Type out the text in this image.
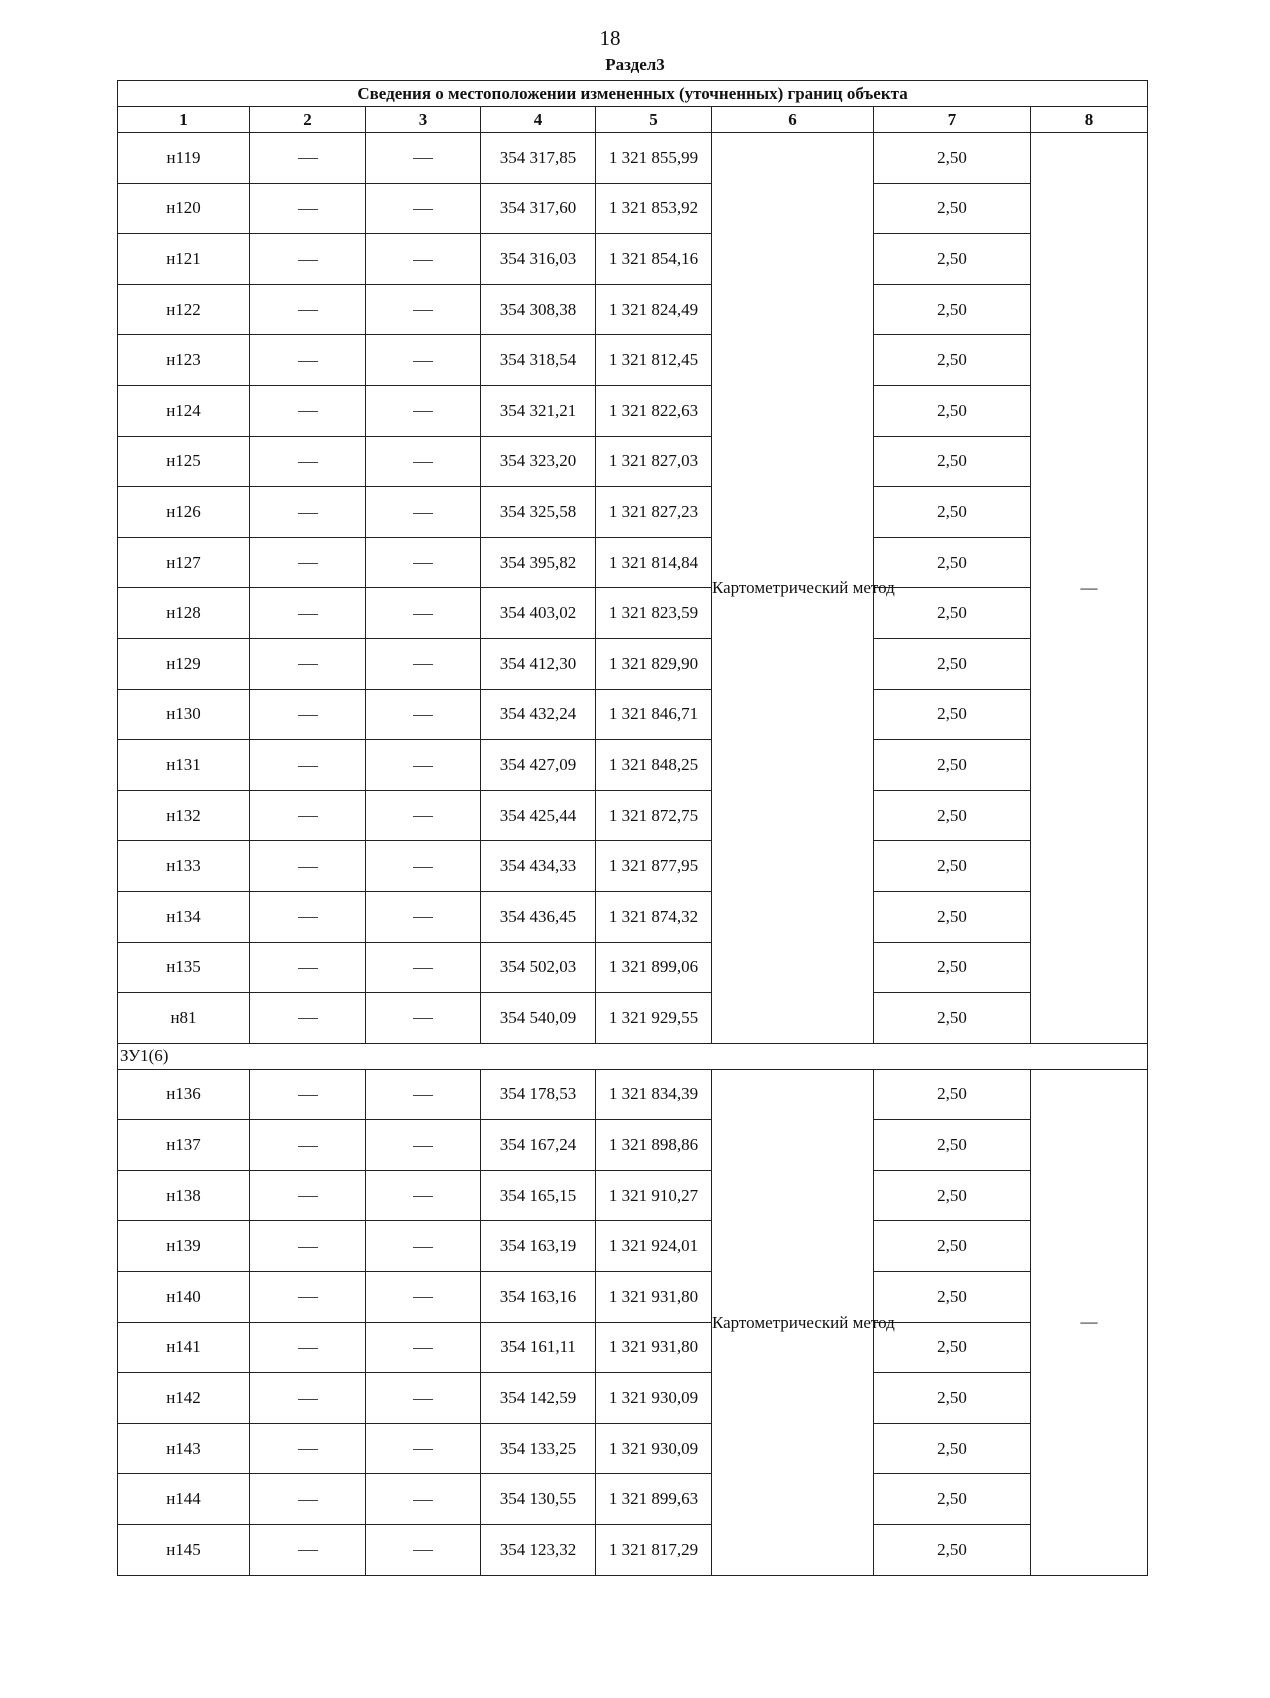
18
Раздел3
Сведения о местоположении измененных (уточненных) границ объекта							
1	2	3	4	5	6	7	8
н119			354 317,85	1 321 855,99	Картометрический метод	2,50	—
н120			354 317,60	1 321 853,92		2,50	
н121			354 316,03	1 321 854,16		2,50	
н122			354 308,38	1 321 824,49		2,50	
н123			354 318,54	1 321 812,45		2,50	
н124			354 321,21	1 321 822,63		2,50	
н125			354 323,20	1 321 827,03		2,50	
н126			354 325,58	1 321 827,23		2,50	
н127			354 395,82	1 321 814,84		2,50	
н128			354 403,02	1 321 823,59		2,50	
н129			354 412,30	1 321 829,90		2,50	
н130			354 432,24	1 321 846,71		2,50	
н131			354 427,09	1 321 848,25		2,50	
н132			354 425,44	1 321 872,75		2,50	
н133			354 434,33	1 321 877,95		2,50	
н134			354 436,45	1 321 874,32		2,50	
н135			354 502,03	1 321 899,06		2,50	
н81			354 540,09	1 321 929,55		2,50	
ЗУ1(6)							
н136			354 178,53	1 321 834,39	Картометрический метод	2,50	—
н137			354 167,24	1 321 898,86		2,50	
н138			354 165,15	1 321 910,27		2,50	
н139			354 163,19	1 321 924,01		2,50	
н140			354 163,16	1 321 931,80		2,50	
н141			354 161,11	1 321 931,80		2,50	
н142			354 142,59	1 321 930,09		2,50	
н143			354 133,25	1 321 930,09		2,50	
н144			354 130,55	1 321 899,63		2,50	
н145			354 123,32	1 321 817,29		2,50	
